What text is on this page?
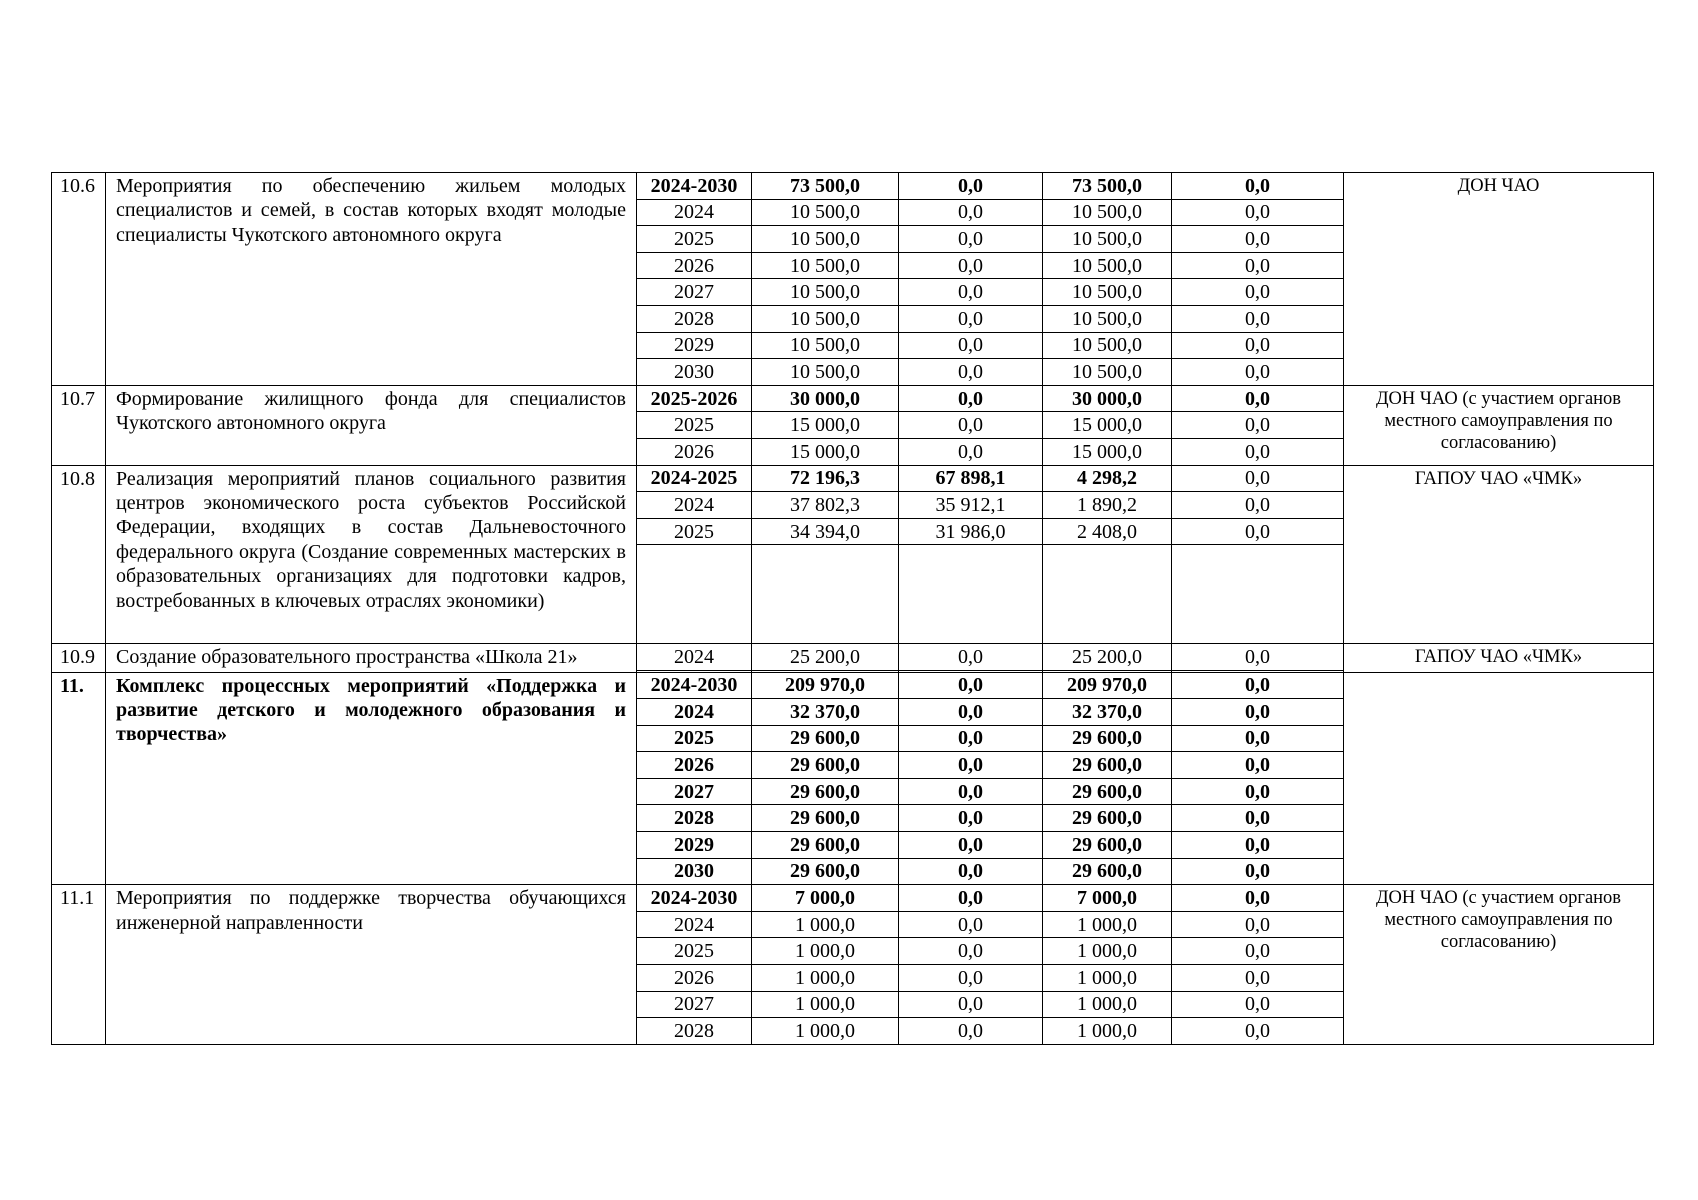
10.6	Мероприятия по обеспечению жильем молодых специалистов и семей, в состав которых входят молодые специалисты Чукотского автономного округа	2024-2030	73 500,0	0,0	73 500,0	0,0	ДОН ЧАО
		2024	10 500,0	0,0	10 500,0	0,0	
		2025	10 500,0	0,0	10 500,0	0,0	
		2026	10 500,0	0,0	10 500,0	0,0	
		2027	10 500,0	0,0	10 500,0	0,0	
		2028	10 500,0	0,0	10 500,0	0,0	
		2029	10 500,0	0,0	10 500,0	0,0	
		2030	10 500,0	0,0	10 500,0	0,0	
10.7	Формирование жилищного фонда для специалистов Чукотского автономного округа	2025-2026	30 000,0	0,0	30 000,0	0,0	ДОН ЧАО (с участием органов местного самоуправления по согласованию)
		2025	15 000,0	0,0	15 000,0	0,0	
		2026	15 000,0	0,0	15 000,0	0,0	
10.8	Реализация мероприятий планов социального развития центров экономического роста субъектов Российской Федерации, входящих в состав Дальневосточного федерального округа (Создание современных мастерских в образовательных организациях для подготовки кадров, востребованных в ключевых отраслях экономики)	2024-2025	72 196,3	67 898,1	4 298,2	0,0	ГАПОУ ЧАО «ЧМК»
		2024	37 802,3	35 912,1	1 890,2	0,0	
		2025	34 394,0	31 986,0	2 408,0	0,0	

10.9	Создание образовательного пространства «Школа 21»	2024	25 200,0	0,0	25 200,0	0,0	ГАПОУ ЧАО «ЧМК»

11.	Комплекс процессных мероприятий «Поддержка и развитие детского и молодежного образования и творчества»	2024-2030	209 970,0	0,0	209 970,0	0,0	
		2024	32 370,0	0,0	32 370,0	0,0	
		2025	29 600,0	0,0	29 600,0	0,0	
		2026	29 600,0	0,0	29 600,0	0,0	
		2027	29 600,0	0,0	29 600,0	0,0	
		2028	29 600,0	0,0	29 600,0	0,0	
		2029	29 600,0	0,0	29 600,0	0,0	
		2030	29 600,0	0,0	29 600,0	0,0	
11.1	Мероприятия по поддержке творчества обучающихся инженерной направленности	2024-2030	7 000,0	0,0	7 000,0	0,0	ДОН ЧАО (с участием органов местного самоуправления по согласованию)
		2024	1 000,0	0,0	1 000,0	0,0	
		2025	1 000,0	0,0	1 000,0	0,0	
		2026	1 000,0	0,0	1 000,0	0,0	
		2027	1 000,0	0,0	1 000,0	0,0	
		2028	1 000,0	0,0	1 000,0	0,0	
